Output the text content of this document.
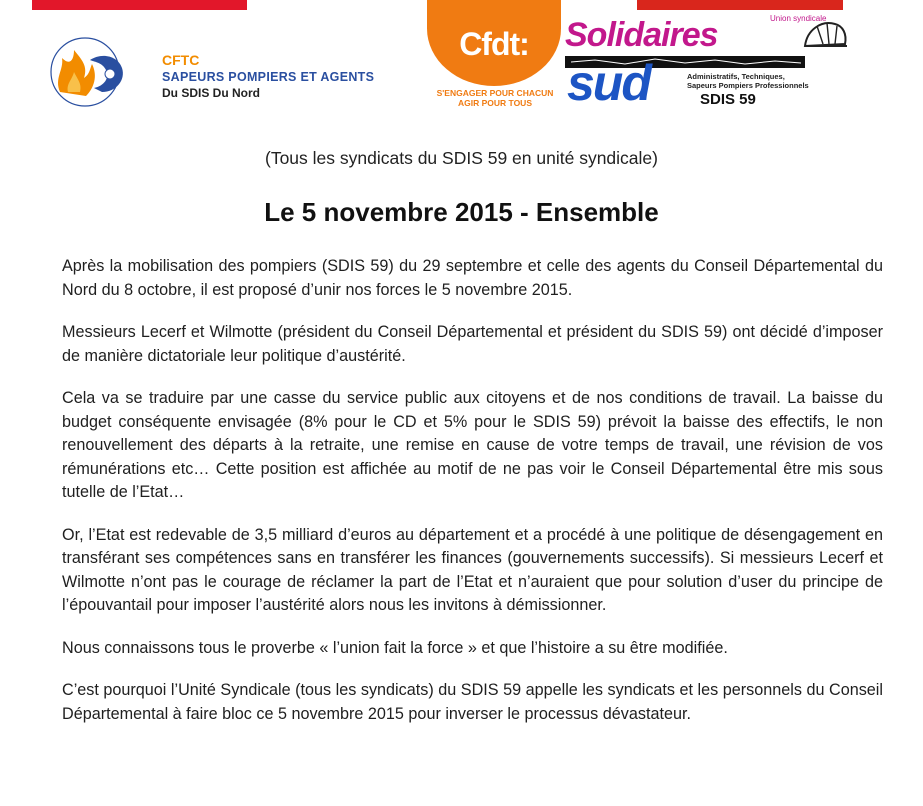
CFTC
SAPEURS POMPIERS ET AGENTS
Du SDIS Du Nord
Cfdt:
S'ENGAGER POUR CHACUN
AGIR POUR TOUS
Solidaires	Union syndicale
sud	Administratifs, Techniques,
Sapeurs Pompiers Professionnels
SDIS 59
(Tous les syndicats du SDIS 59 en unité syndicale)
Le 5 novembre 2015 - Ensemble

Après la mobilisation des pompiers (SDIS 59) du 29 septembre et celle des agents du Conseil Départemental du Nord du 8 octobre, il est proposé d’unir nos forces le 5 novembre 2015.

Messieurs Lecerf et Wilmotte (président du Conseil Départemental et président du SDIS 59) ont décidé d’imposer de manière dictatoriale leur politique d’austérité.

Cela va se traduire par une casse du service public aux citoyens et de nos conditions de travail. La baisse du budget conséquente envisagée (8% pour le CD et 5% pour le SDIS 59) prévoit la baisse des effectifs, le non renouvellement des départs à la retraite, une remise en cause de votre temps de travail, une révision de vos rémunérations etc… Cette position est affichée au motif de ne pas voir le Conseil Départemental être mis sous tutelle de l’Etat…

Or, l’Etat est redevable de 3,5 milliard d’euros au département et a procédé à une politique de désengagement en transférant ses compétences sans en transférer les finances (gouvernements successifs). Si messieurs Lecerf et Wilmotte n’ont pas le courage de réclamer la part de l’Etat et n’auraient que pour solution d’user du principe de l’épouvantail pour imposer l’austérité alors nous les invitons à démissionner.

Nous connaissons tous le proverbe « l’union fait la force » et que l’histoire a su être modifiée.

C’est pourquoi l’Unité Syndicale (tous les syndicats) du SDIS 59 appelle les syndicats et les personnels du Conseil Départemental à faire bloc ce 5 novembre 2015 pour inverser le processus dévastateur.
